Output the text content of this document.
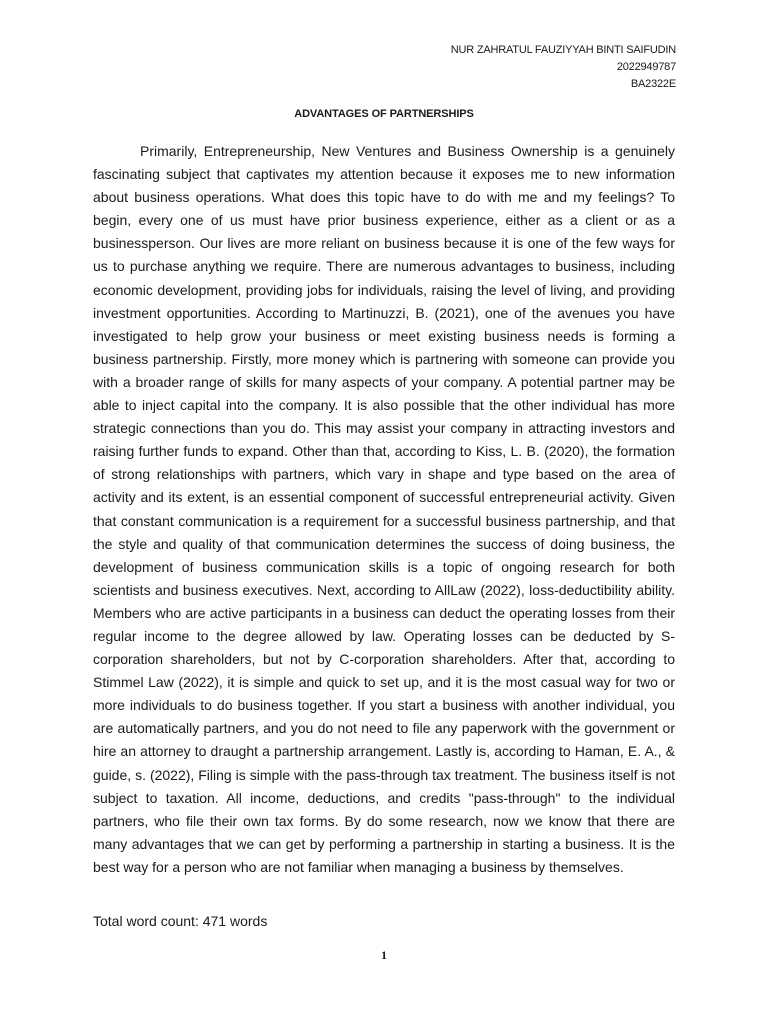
NUR ZAHRATUL FAUZIYYAH BINTI SAIFUDIN
2022949787
BA2322E
ADVANTAGES OF PARTNERSHIPS

Primarily, Entrepreneurship, New Ventures and Business Ownership is a genuinely fascinating subject that captivates my attention because it exposes me to new information about business operations. What does this topic have to do with me and my feelings? To begin, every one of us must have prior business experience, either as a client or as a businessperson. Our lives are more reliant on business because it is one of the few ways for us to purchase anything we require. There are numerous advantages to business, including economic development, providing jobs for individuals, raising the level of living, and providing investment opportunities. According to Martinuzzi, B. (2021), one of the avenues you have investigated to help grow your business or meet existing business needs is forming a business partnership. Firstly, more money which is partnering with someone can provide you with a broader range of skills for many aspects of your company. A potential partner may be able to inject capital into the company. It is also possible that the other individual has more strategic connections than you do. This may assist your company in attracting investors and raising further funds to expand. Other than that, according to Kiss, L. B. (2020), the formation of strong relationships with partners, which vary in shape and type based on the area of activity and its extent, is an essential component of successful entrepreneurial activity. Given that constant communication is a requirement for a successful business partnership, and that the style and quality of that communication determines the success of doing business, the development of business communication skills is a topic of ongoing research for both scientists and business executives. Next, according to AllLaw (2022), loss-deductibility ability. Members who are active participants in a business can deduct the operating losses from their regular income to the degree allowed by law. Operating losses can be deducted by S-corporation shareholders, but not by C-corporation shareholders. After that, according to Stimmel Law (2022), it is simple and quick to set up, and it is the most casual way for two or more individuals to do business together. If you start a business with another individual, you are automatically partners, and you do not need to file any paperwork with the government or hire an attorney to draught a partnership arrangement. Lastly is, according to Haman, E. A., & guide, s. (2022), Filing is simple with the pass-through tax treatment. The business itself is not subject to taxation. All income, deductions, and credits "pass-through" to the individual partners, who file their own tax forms. By do some research, now we know that there are many advantages that we can get by performing a partnership in starting a business. It is the best way for a person who are not familiar when managing a business by themselves.

Total word count: 471 words
1
